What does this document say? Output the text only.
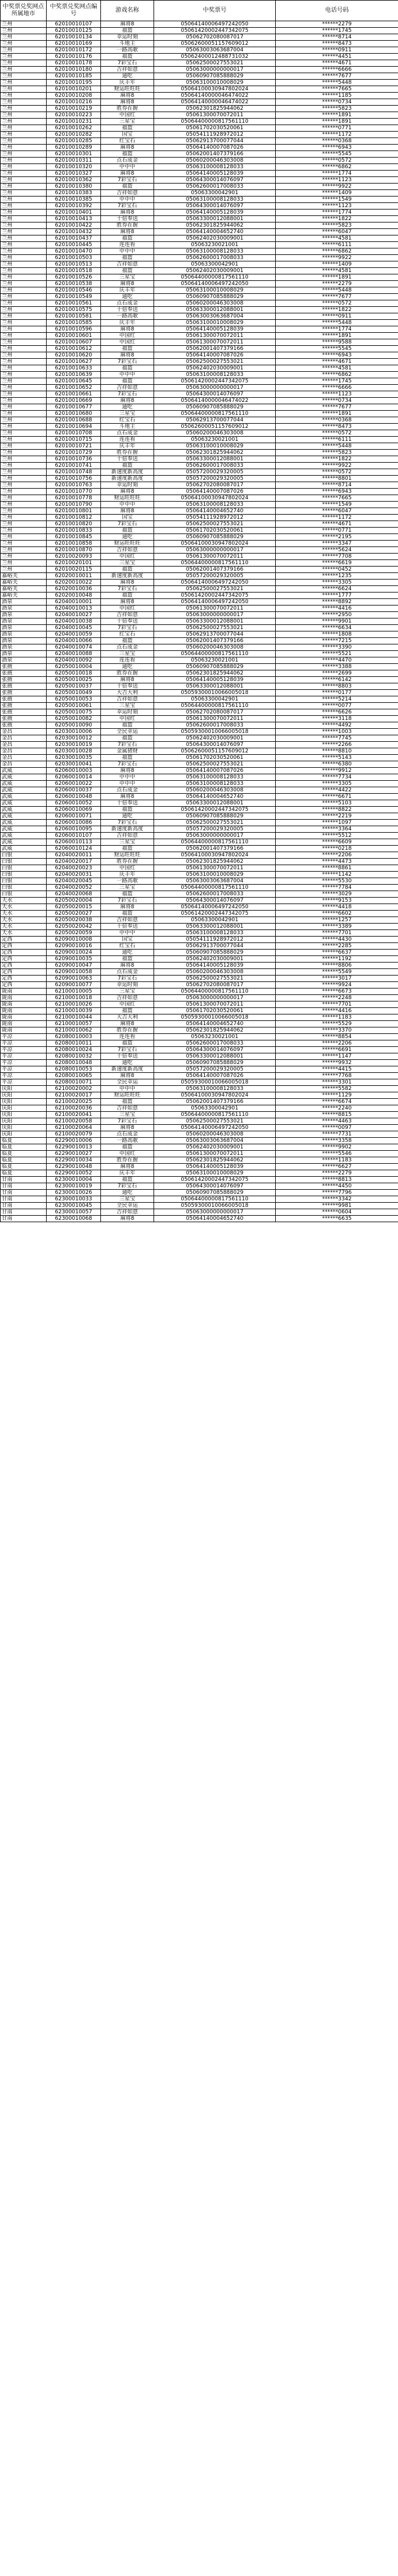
中奖票兑奖网点所属地市	中奖票兑奖网点编号	游戏名称	中奖票号	电话号码
兰州	62010010107	麻将8	05064140006497242050	******2279
兰州	62010010125	福篮	05061420002447342075	******1745
兰州	62010010134	幸运时刻	05062702080087017	******8714
兰州	62010010169	斗地主	05062600051157609012	******8473
兰州	62010010172	一路高歌	05063003063687004	******0911
兰州	62010010176	福篮	05062400012488731032	******4451
兰州	62010010178	7彩宝石	05062500027553021	******4671
兰州	62010010180	吉祥如意	05063000000000017	******6666
兰州	62010010185	通吃	05060907085888029	******7677
兰州	62010010195	庆丰年	05063100010008029	******5448
兰州	62010010201	财运旺旺旺	05064100030947802024	******7665
兰州	62010010208	麻将8	05064140000046474022	******1185
兰州	62010010216	麻将8	05064140000046474022	******0734
兰州	62010010219	胜券在握	05062301825944062	******5823
兰州	62010010223	中国红	05061300070072011	******1891
兰州	62010010231	三星宝	05064400000817561110	******1891
兰州	62010010262	福篮	05061702030520061	******0771
兰州	62010010282	国宝	05054111928972012	******1172
兰州	62010010285	红宝石	05062913700077044	******0368
兰州	62010010289	麻将8	05064140007087026	******6943
兰州	62010010301	福篮	05062001407379166	******5545
兰州	62010010311	点石成金	05060200046303008	******0572
兰州	62010010320	中中中	05063100008128033	******6862
兰州	62010010327	麻将8	05064140005128039	******1774
兰州	62010010362	7彩宝石	05064300014076097	******1123
兰州	62010010380	福篮	05062600017008033	******9922
兰州	62010010383	吉祥如意	05063300042901	******1409
兰州	62010010385	中中中	05063100008128033	******1549
兰州	62010010392	7彩宝石	05064300014076097	******1123
兰州	62010010401	麻将8	05064140005128039	******1774
兰州	62010010413	十倍奉送	05063300012088001	******1822
兰州	62010010422	胜券在握	05062301825944062	******5823
兰州	62010010432	麻将8	05064140004652740	******6047
兰州	62010010437	福篮	05062402030009001	******4581
兰州	62010010445	连连看	05063230021001	******6111
兰州	62010010470	中中中	05063100008128033	******6862
兰州	62010010503	福篮	05062600017008033	******9922
兰州	62010010513	吉祥如意	05063300042901	******1409
兰州	62010010518	福篮	05062402030009001	******4581
兰州	62010010526	三星宝	05064400000817561110	******1891
兰州	62010010538	麻将8	05064140006497242050	******2279
兰州	62010010546	庆丰年	05063100010008029	******5448
兰州	62010010549	通吃	05060907085888029	******7677
兰州	62010010561	点石成金	05060200046303008	******0572
兰州	62010010575	十倍奉送	05063300012088001	******1822
兰州	62010010581	一路高歌	05063003063687004	******0911
兰州	62010010585	庆丰年	05063100010008029	******5448
兰州	62010010596	麻将8	05064140005128039	******1774
兰州	62010010601	中国红	05061300070072011	******1891
兰州	62010010607	中国红	05061300070072011	******9588
兰州	62010010612	福篮	05062001407379166	******5545
兰州	62010010620	麻将8	05064140007087026	******6943
兰州	62010010627	7彩宝石	05062500027553021	******4671
兰州	62010010633	福篮	05062402030009001	******4581
兰州	62010010639	中中中	05063100008128033	******6862
兰州	62010010645	福篮	05061420002447342075	******1745
兰州	62010010652	吉祥如意	05063000000000017	******6666
兰州	62010010661	7彩宝石	05064300014076097	******1123
兰州	62010010669	麻将8	05064140000046474022	******0734
兰州	62010010677	通吃	05060907085888029	******7677
兰州	62010010680	三星宝	05064400000817561110	******1891
兰州	62010010688	红宝石	05062913700077044	******0368
兰州	62010010694	斗地主	05062600051157609012	******8473
兰州	62010010708	点石成金	05060200046303008	******0572
兰州	62010010715	连连看	05063230021001	******6111
兰州	62010010721	庆丰年	05063100010008029	******5448
兰州	62010010729	胜券在握	05062301825944062	******5823
兰州	62010010736	十倍奉送	05063300012088001	******1822
兰州	62010010741	福篮	05062600017008033	******9922
兰州	62010010748	新速度新高度	05057200029320005	******0572
兰州	62010010756	新速度新高度	05057200029320005	******8801
兰州	62010010763	幸运时刻	05062702080087017	******8714
兰州	62010010770	麻将8	05064140007087026	******6943
兰州	62010010778	财运旺旺旺	05064100030947802024	******7665
兰州	62010010790	中中中	05063100008128033	******1549
兰州	62010010801	麻将8	05064140004652740	******6047
兰州	62010010812	国宝	05054111928972012	******1172
兰州	62010010820	7彩宝石	05062500027553021	******4671
兰州	62010010833	福篮	05061702030520061	******0771
兰州	62010010845	通吃	05060907085888029	******2195
兰州	62010010858	财运旺旺旺	05064100030947802024	******3347
兰州	62010010870	吉祥如意	05063000000000017	******5624
兰州	62010020093	中国红	05061300070072011	******7708
兰州	62010020101	三星宝	05064400000817561110	******6619
兰州	62010020115	福篮	05062001407379166	******0452
嘉峪关	62020010011	新速度新高度	05057200029320005	******1235
嘉峪关	62020010022	麻将8	05064140006497242050	******3305
嘉峪关	62020010036	7彩宝石	05062500027553021	******6624
嘉峪关	62020010048	福篮	05061420002447342075	******1777
酒泉	62040010001	麻将8	05064140006497242050	******8892
酒泉	62040010013	中国红	05061300070072011	******4416
酒泉	62040010027	吉祥如意	05063000000000017	******2950
酒泉	62040010038	十倍奉送	05063300012088001	******9901
酒泉	62040010045	7彩宝石	05062500027553021	******6634
酒泉	62040010059	红宝石	05062913700077044	******1808
酒泉	62040010066	福篮	05062001407379166	******7215
酒泉	62040010074	点石成金	05060200046303008	******3390
酒泉	62040010088	三星宝	05064400000817561110	******5521
酒泉	62040010092	连连看	05063230021001	******4470
张掖	62050010004	通吃	05060907085888029	******3388
张掖	62050010018	胜券在握	05062301825944062	******2699
张掖	62050010025	麻将8	05064140005128039	******6142
张掖	62050010037	十倍奉送	05063300012088001	******8803
张掖	62050010049	大吉大利	05059300010066005018	******0177
张掖	62050010053	吉祥如意	05063300042901	******5214
张掖	62050010061	三星宝	05064400000817561110	******0077
张掖	62050010075	幸运时刻	05062702080087017	******6626
张掖	62050010082	中国红	05061300070072011	******3118
张掖	62050010090	福篮	05062600017008033	******4492
金昌	62030010006	全民幸运	05059300010066005018	******1003
金昌	62030010012	福篮	05062402030009001	******7745
金昌	62030010019	7彩宝石	05064300014076097	******2266
金昌	62030010028	金属猪财	05062600051157609012	******8810
金昌	62030010035	福篮	05061702030520061	******5143
金昌	62030010041	7彩宝石	05062500027553021	******6380
武威	62060010003	麻将8	05064140007087026	******9912
武威	62060010014	中中中	05063100008128033	******7734
武威	62060010022	中中中	05063100008128033	******3305
武威	62060010037	点石成金	05060200046303008	******4422
武威	62060010048	麻将8	05064140004652740	******6671
武威	62060010052	十倍奉送	05063300012088001	******5103
武威	62060010069	福篮	05061420002447342075	******8822
武威	62060010071	通吃	05060907085888029	******2219
武威	62060010086	7彩宝石	05062500027553021	******1097
武威	62060010095	新速度新高度	05057200029320005	******3364
武威	62060010107	吉祥如意	05063000000000017	******5512
武威	62060010113	三星宝	05064400000817561110	******6609
武威	62060010124	福篮	05062001407379166	******0218
白银	62040020011	财运旺旺旺	05064100030947802024	******2206
白银	62040020017	胜券在握	05062301825944062	******4473
白银	62040020023	中国红	05061300070072011	******8861
白银	62040020031	庆丰年	05063100010008029	******1142
白银	62040020045	一路高歌	05063003063687004	******5530
白银	62040020052	三星宝	05064400000817561110	******7784
白银	62040020068	福篮	05062600017008033	******3029
天水	62050020004	7彩宝石	05064300014076097	******9153
天水	62050020015	麻将8	05064140006497242050	******4418
天水	62050020027	福篮	05061420002447342075	******6602
天水	62050020038	吉祥如意	05063300042901	******1257
天水	62050020042	十倍奉送	05063300012088001	******3389
天水	62050020059	中中中	05063100008128033	******7701
定西	62090010008	国宝	05054111928972012	******4430
定西	62090010016	红宝石	05062913700077044	******2285
定西	62090010024	通吃	05060907085888029	******6637
定西	62090010035	福篮	05062402030009001	******1192
定西	62090010047	麻将8	05064140005128039	******8806
定西	62090010058	点石成金	05060200046303008	******5549
定西	62090010063	7彩宝石	05062500027553021	******3017
定西	62090010077	幸运时刻	05062702080087017	******9924
陇南	62100010005	三星宝	05064400000817561110	******6673
陇南	62100010018	吉祥如意	05063000000000017	******2248
陇南	62100010026	中国红	05061300070072011	******7701
陇南	62100010039	福篮	05061702030520061	******4416
陇南	62100010044	大吉大利	05059300010066005018	******1183
陇南	62100010057	麻将8	05064140004652740	******5529
陇南	62100010062	胜券在握	05062301825944062	******3370
平凉	62080010003	连连看	05063230021001	******8854
平凉	62080010011	福篮	05062600017008033	******2206
平凉	62080010024	7彩宝石	05064300014076097	******6691
平凉	62080010032	十倍奉送	05063300012088001	******1147
平凉	62080010048	通吃	05060907085888029	******9932
平凉	62080010053	新速度新高度	05057200029320005	******4415
平凉	62080010065	麻将8	05064140007087026	******7768
平凉	62080010071	全民幸运	05059300010066005018	******3301
庆阳	62100020002	中中中	05063100008128033	******5582
庆阳	62100020017	财运旺旺旺	05064100030947802024	******1129
庆阳	62100020025	福篮	05062001407379166	******6674
庆阳	62100020036	吉祥如意	05063300042901	******2240
庆阳	62100020041	三星宝	05064400000817561110	******8815
庆阳	62100020058	7彩宝石	05062500027553021	******4463
庆阳	62100020064	麻将8	05064140006497242050	******0097
庆阳	62100020079	点石成金	05060200046303008	******7731
临夏	62290010006	一路高歌	05063003063687004	******3358
临夏	62290010013	福篮	05062402030009001	******9902
临夏	62290010027	中国红	05061300070072011	******5546
临夏	62290010034	胜券在握	05062301825944062	******1183
临夏	62290010048	麻将8	05064140005128039	******6627
临夏	62290010052	庆丰年	05063100010008029	******2279
甘南	62300010004	福篮	05061420002447342075	******8813
甘南	62300010019	7彩宝石	05064300014076097	******4450
甘南	62300010026	通吃	05060907085888029	******7796
甘南	62300010033	三星宝	05064400000817561110	******3342
甘南	62300010045	全民幸运	05059300010066005018	******9981
甘南	62300010057	吉祥如意	05063000000000017	******0604
甘南	62300010068	麻将8	05064140004652740	******6635
